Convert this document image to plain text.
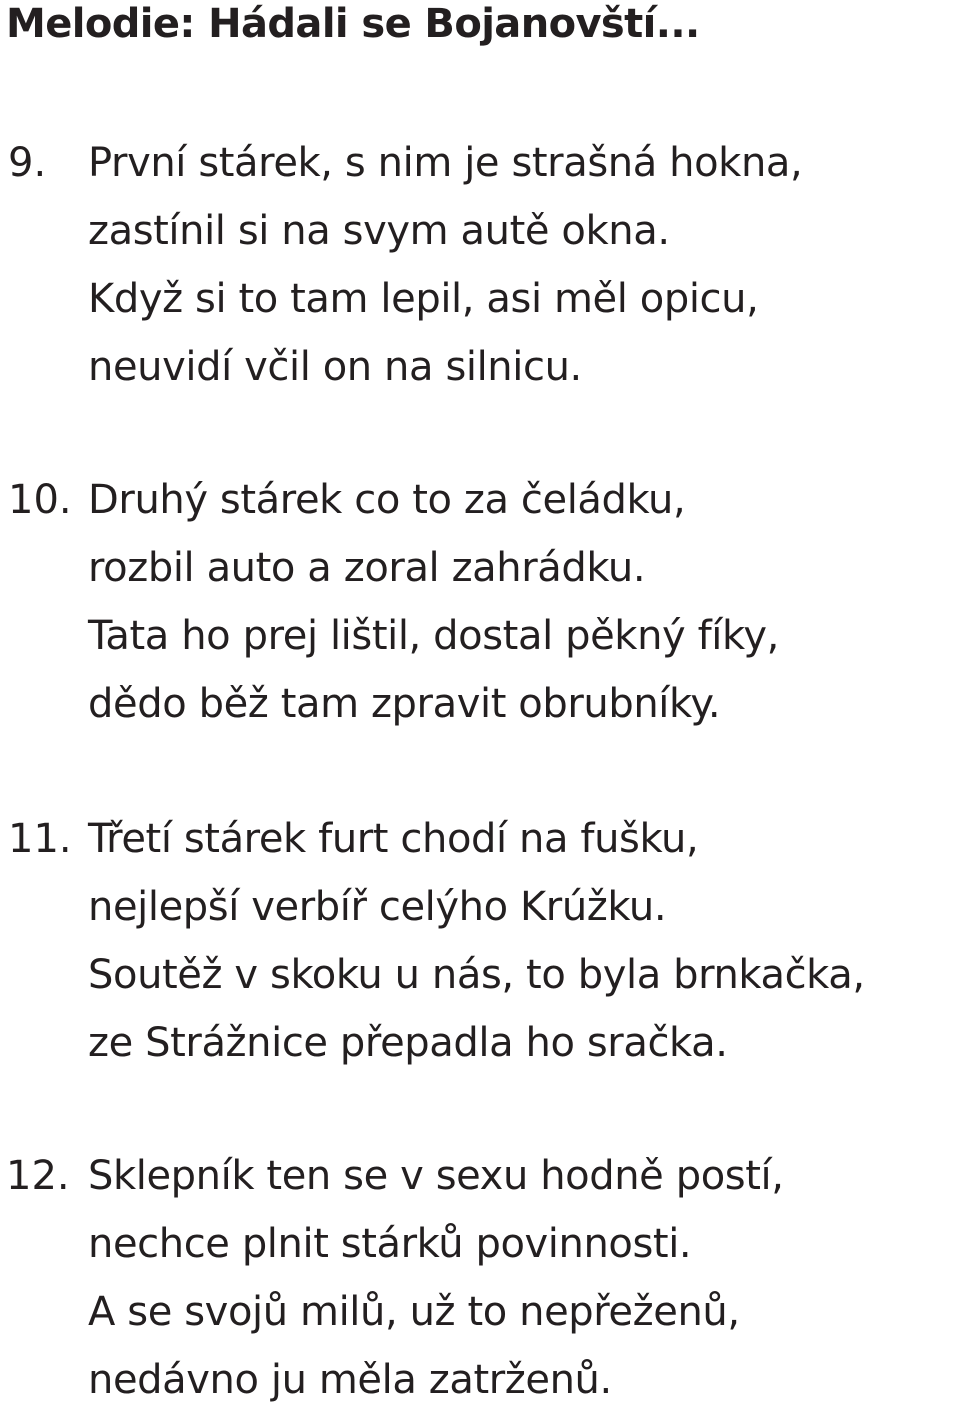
Melodie: Hádali se Bojanovští...
9. První stárek, s nim je strašná hokna,
zastínil si na svym autě okna.
Když si to tam lepil, asi měl opicu,
neuvidí včil on na silnicu.
10. Druhý stárek co to za čeládku,
rozbil auto a zoral zahrádku.
Tata ho prej lištil, dostal pěkný fíky,
dědo běž tam zpravit obrubníky.
11. Třetí stárek furt chodí na fušku,
nejlepší verbíř celýho Krúžku.
Soutěž v skoku u nás, to byla brnkačka,
ze Strážnice přepadla ho sračka.
12. Sklepník ten se v sexu hodně postí,
nechce plnit stárků povinnosti.
A se svojů milů, už to nepřeženů,
nedávno ju měla zatrženů.
